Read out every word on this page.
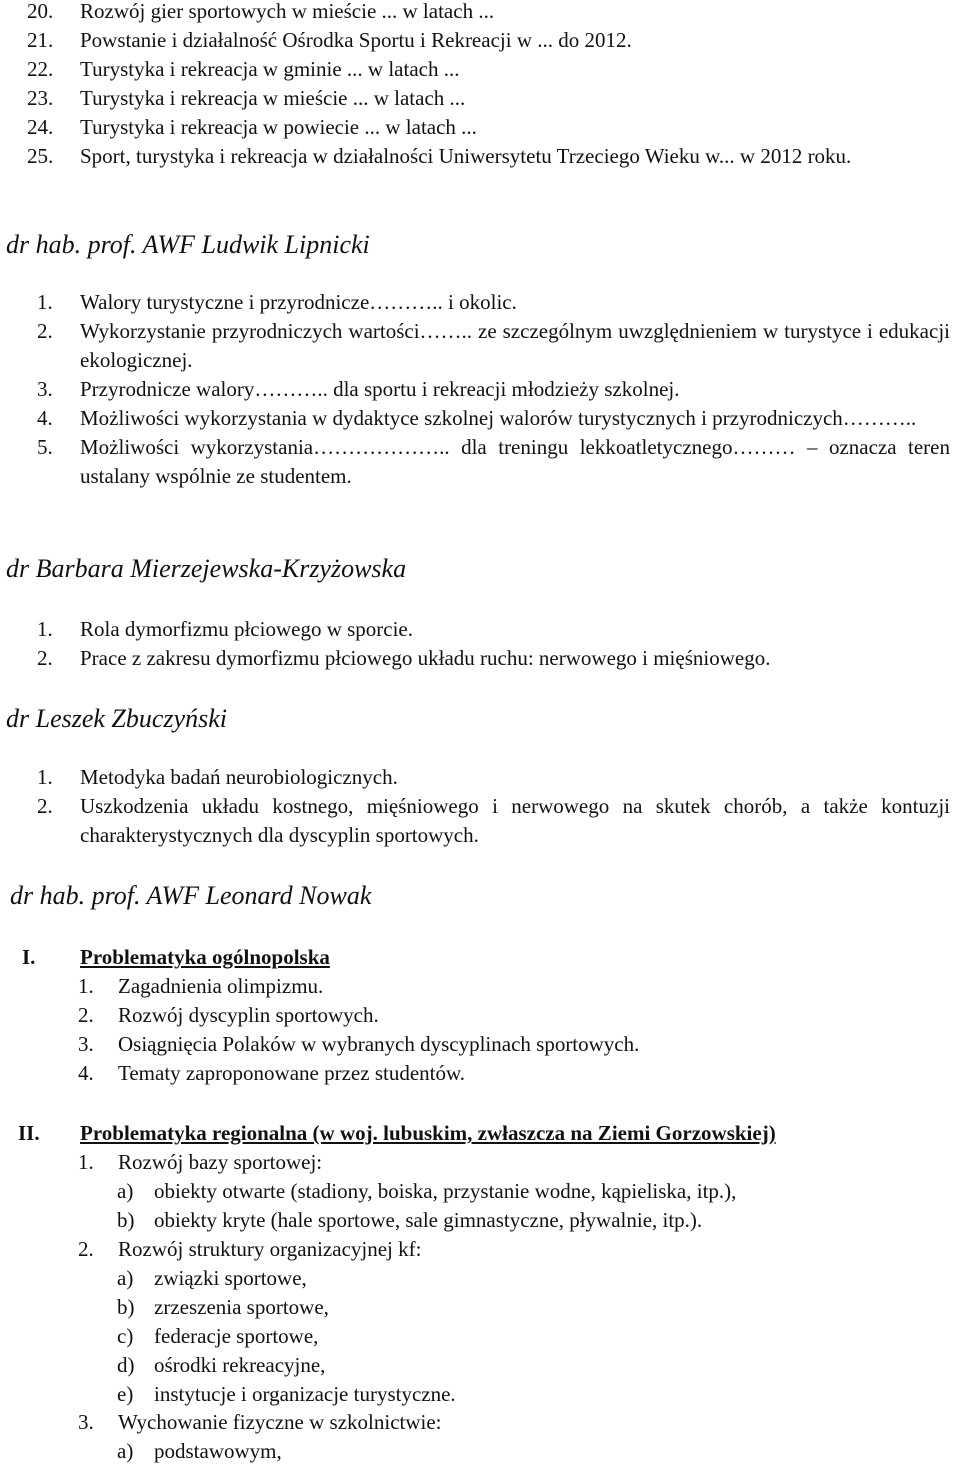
20. Rozwój gier sportowych w mieście ... w latach ...
21. Powstanie i działalność Ośrodka Sportu i Rekreacji w ... do 2012.
22. Turystyka i rekreacja w gminie ... w latach ...
23. Turystyka i rekreacja w mieście ... w latach ...
24. Turystyka i rekreacja w powiecie ... w latach ...
25. Sport, turystyka i rekreacja w działalności Uniwersytetu Trzeciego Wieku w... w 2012 roku.
dr hab. prof. AWF Ludwik Lipnicki
1. Walory turystyczne i przyrodnicze……….. i okolic.
2. Wykorzystanie przyrodniczych wartości…….. ze szczególnym uwzględnieniem w turystyce i edukacji ekologicznej.
3. Przyrodnicze walory……….. dla sportu i rekreacji młodzieży szkolnej.
4. Możliwości wykorzystania w dydaktyce szkolnej walorów turystycznych i przyrodniczych………..
5. Możliwości wykorzystania……………….. dla treningu lekkoatletycznego……… – oznacza teren ustalany wspólnie ze studentem.
dr Barbara Mierzejewska-Krzyżowska
1. Rola dymorfizmu płciowego w sporcie.
2. Prace z zakresu dymorfizmu płciowego układu ruchu: nerwowego i mięśniowego.
dr Leszek Zbuczyński
1. Metodyka badań neurobiologicznych.
2. Uszkodzenia układu kostnego, mięśniowego i nerwowego na skutek chorób, a także kontuzji charakterystycznych dla dyscyplin sportowych.
dr hab. prof. AWF Leonard Nowak
I. Problematyka ogólnopolska
1. Zagadnienia olimpizmu.
2. Rozwój dyscyplin sportowych.
3. Osiągnięcia Polaków w wybranych dyscyplinach sportowych.
4. Tematy zaproponowane przez studentów.
II. Problematyka regionalna (w woj. lubuskim, zwłaszcza na Ziemi Gorzowskiej)
1. Rozwój bazy sportowej:
a) obiekty otwarte (stadiony, boiska, przystanie wodne, kąpieliska, itp.),
b) obiekty kryte (hale sportowe, sale gimnastyczne, pływalnie, itp.).
2. Rozwój struktury organizacyjnej kf:
a) związki sportowe,
b) zrzeszenia sportowe,
c) federacje sportowe,
d) ośrodki rekreacyjne,
e) instytucje i organizacje turystyczne.
3. Wychowanie fizyczne w szkolnictwie:
a) podstawowym,
